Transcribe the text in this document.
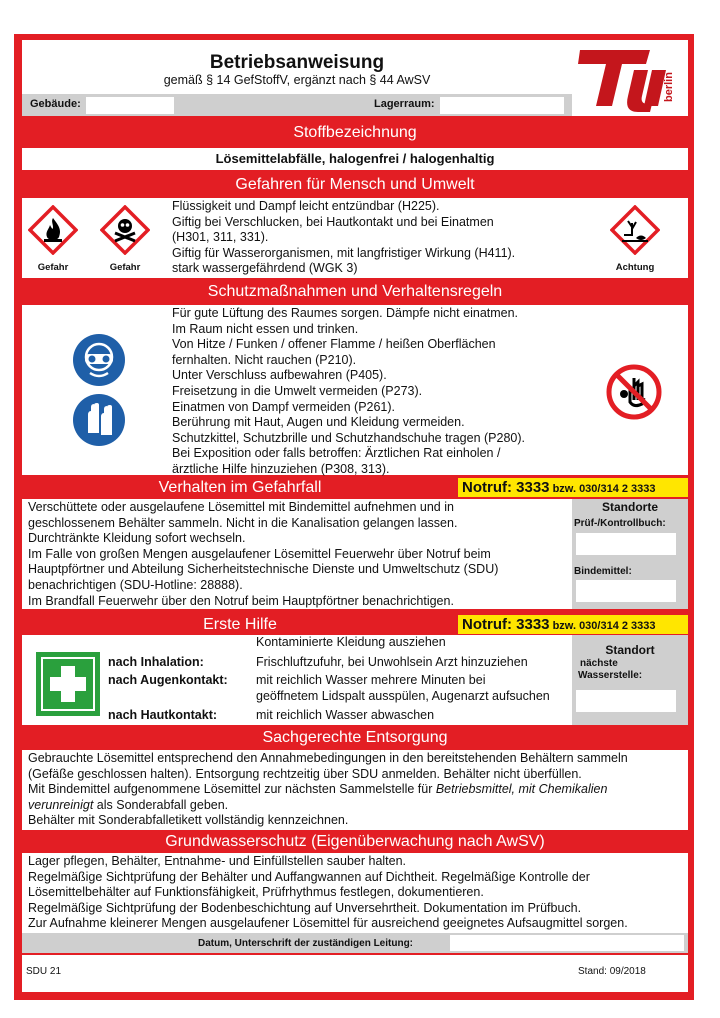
Betriebsanweisung
gemäß § 14 GefStoffV, ergänzt nach § 44 AwSV
Gebäude:	Lagerraum:
berlin
Stoffbezeichnung
Lösemittelabfälle, halogenfrei / halogenhaltig
Gefahren für Mensch und Umwelt
Gefahr	Gefahr
Flüssigkeit und Dampf leicht entzündbar (H225).
Giftig bei Verschlucken, bei Hautkontakt und bei Einatmen
(H301, 311, 331).
Giftig für Wasserorganismen, mit langfristiger Wirkung (H411).
stark wassergefährdend (WGK 3)	Achtung
Schutzmaßnahmen und Verhaltensregeln
Für gute Lüftung des Raumes sorgen. Dämpfe nicht einatmen.
Im Raum nicht essen und trinken.
Von Hitze / Funken / offener Flamme / heißen Oberflächen
fernhalten. Nicht rauchen (P210).
Unter Verschluss aufbewahren (P405).
Freisetzung in die Umwelt vermeiden (P273).
Einatmen von Dampf vermeiden (P261).
Berührung mit Haut, Augen und Kleidung vermeiden.
Schutzkittel, Schutzbrille und Schutzhandschuhe tragen (P280).
Bei Exposition oder falls betroffen: Ärztlichen Rat einholen /
ärztliche Hilfe hinzuziehen (P308, 313).
Verhalten im Gefahrfall	Notruf: 3333 bzw. 030/314 2 3333
Verschüttete oder ausgelaufene Lösemittel mit Bindemittel aufnehmen und in
geschlossenem Behälter sammeln. Nicht in die Kanalisation gelangen lassen.
Durchtränkte Kleidung sofort wechseln.
Im Falle von großen Mengen ausgelaufener Lösemittel Feuerwehr über Notruf beim
Hauptpförtner und Abteilung Sicherheitstechnische Dienste und Umweltschutz (SDU)
benachrichtigen (SDU-Hotline: 28888).
Im Brandfall Feuerwehr über den Notruf beim Hauptpförtner benachrichtigen.
Standorte
Prüf-/Kontrollbuch:
Bindemittel:
Erste Hilfe	Notruf: 3333 bzw. 030/314 2 3333
Kontaminierte Kleidung ausziehen
nach Inhalation:	Frischluftzufuhr, bei Unwohlsein Arzt hinzuziehen
nach Augenkontakt: mit reichlich Wasser mehrere Minuten bei
geöffnetem Lidspalt ausspülen, Augenarzt aufsuchen
nach Hautkontakt:	mit reichlich Wasser abwaschen
Standort
nächste
Wasserstelle:
Sachgerechte Entsorgung
Gebrauchte Lösemittel entsprechend den Annahmebedingungen in den bereitstehenden Behältern sammeln
(Gefäße geschlossen halten). Entsorgung rechtzeitig über SDU anmelden. Behälter nicht überfüllen.
Mit Bindemittel aufgenommene Lösemittel zur nächsten Sammelstelle für Betriebsmittel, mit Chemikalien
verunreinigt als Sonderabfall geben.
Behälter mit Sonderabfalletikett vollständig kennzeichnen.
Grundwasserschutz (Eigenüberwachung nach AwSV)
Lager pflegen, Behälter, Entnahme- und Einfüllstellen sauber halten.
Regelmäßige Sichtprüfung der Behälter und Auffangwannen auf Dichtheit. Regelmäßige Kontrolle der
Lösemittelbehälter auf Funktionsfähigkeit, Prüfrhythmus festlegen, dokumentieren.
Regelmäßige Sichtprüfung der Bodenbeschichtung auf Unversehrtheit. Dokumentation im Prüfbuch.
Zur Aufnahme kleinerer Mengen ausgelaufener Lösemittel für ausreichend geeignetes Aufsaugmittel sorgen.
Datum, Unterschrift der zuständigen Leitung:
SDU 21	Stand: 09/2018
